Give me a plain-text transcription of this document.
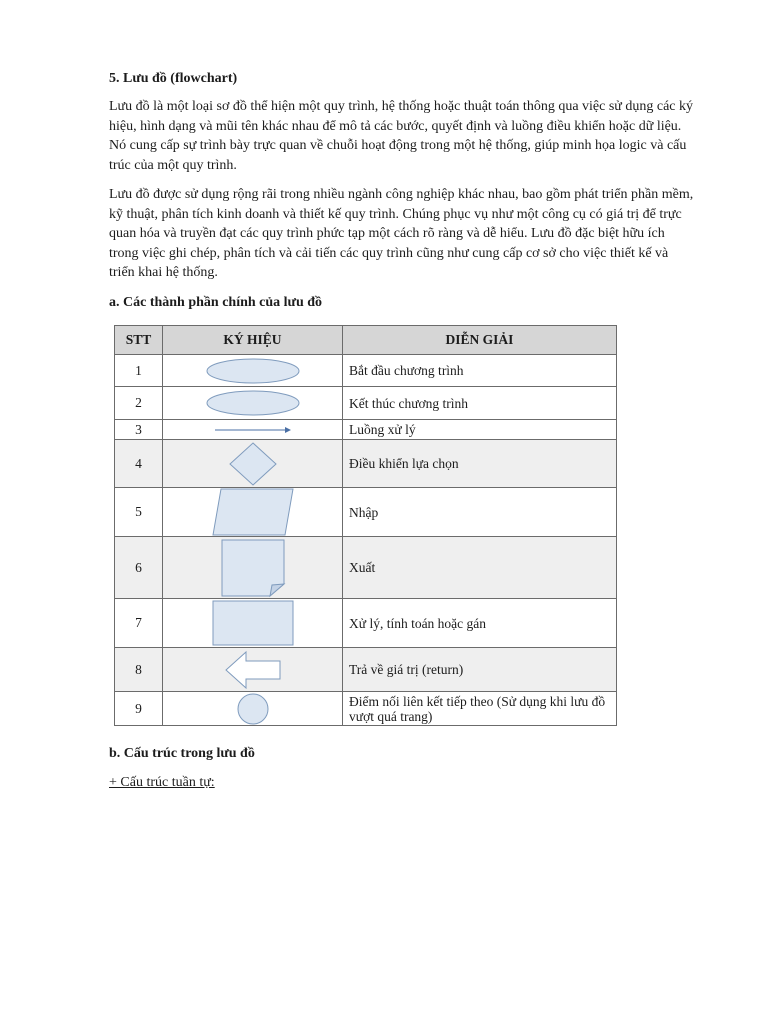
5. Lưu đồ (flowchart)
Lưu đồ là một loại sơ đồ thể hiện một quy trình, hệ thống hoặc thuật toán thông qua việc sử dụng các ký hiệu, hình dạng và mũi tên khác nhau để mô tả các bước, quyết định và luồng điều khiển hoặc dữ liệu. Nó cung cấp sự trình bày trực quan về chuỗi hoạt động trong một hệ thống, giúp minh họa logic và cấu trúc của một quy trình.
Lưu đồ được sử dụng rộng rãi trong nhiều ngành công nghiệp khác nhau, bao gồm phát triển phần mềm, kỹ thuật, phân tích kinh doanh và thiết kế quy trình. Chúng phục vụ như một công cụ có giá trị để trực quan hóa và truyền đạt các quy trình phức tạp một cách rõ ràng và dễ hiểu. Lưu đồ đặc biệt hữu ích trong việc ghi chép, phân tích và cải tiến các quy trình cũng như cung cấp cơ sở cho việc thiết kế và triển khai hệ thống.
a. Các thành phần chính của lưu đồ
STT	KÝ HIỆU	DIỄN GIẢI
1		Bắt đầu chương trình
2		Kết thúc chương trình
3		Luồng xử lý
4		Điều khiển lựa chọn
5		Nhập
6		Xuất
7		Xử lý, tính toán hoặc gán
8		Trả về giá trị (return)
9		Điểm nối liên kết tiếp theo (Sử dụng khi lưu đồ vượt quá trang)
b. Cấu trúc trong lưu đồ
+ Cấu trúc tuần tự:
